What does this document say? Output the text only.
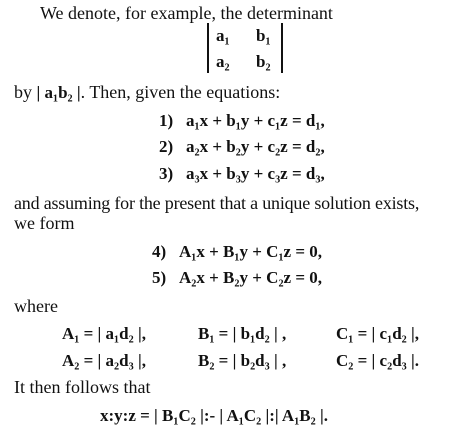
We denote, for example, the determinant
a₁ b₁
a₂ b₂
by | a₁b₂ |. Then, given the equations:
1) a₁x + b₁y + c₁z = d₁,
2) a₂x + b₂y + c₂z = d₂,
3) a₃x + b₃y + c₃z = d₃,
and assuming for the present that a unique solution exists,
we form
4) A₁x + B₁y + C₁z = 0,
5) A₂x + B₂y + C₂z = 0,
where
A₁ = | a₁d₂ |,	B₁ = | b₁d₂ | ,	C₁ = | c₁d₂ |,
A₂ = | a₂d₃ |,	B₂ = | b₂d₃ | ,	C₂ = | c₂d₃ |.
It then follows that
x:y:z = | B₁C₂ |:- | A₁C₂ |:| A₁B₂ |.
